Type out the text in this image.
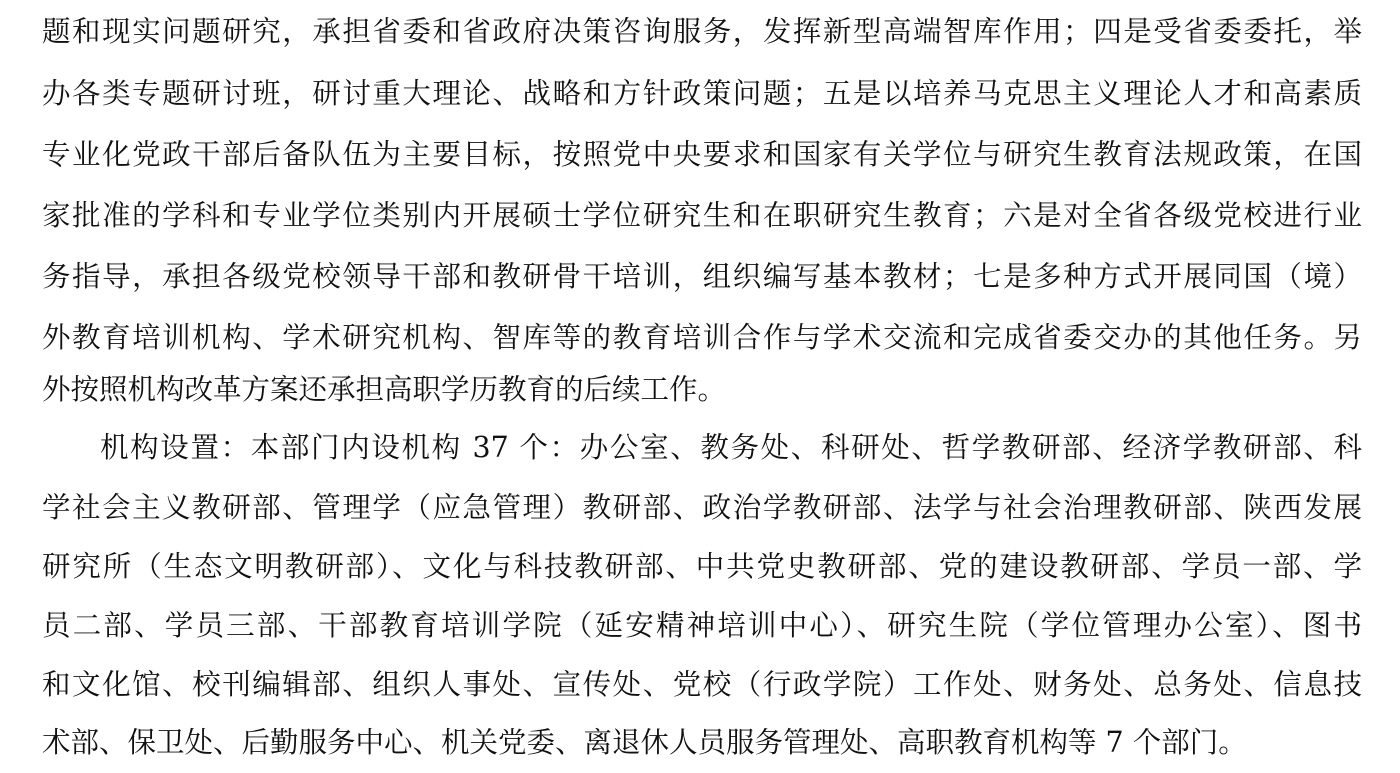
题和现实问题研究，承担省委和省政府决策咨询服务，发挥新型高端智库作用；四是受省委委托，举
办各类专题研讨班，研讨重大理论、战略和方针政策问题；五是以培养马克思主义理论人才和高素质
专业化党政干部后备队伍为主要目标，按照党中央要求和国家有关学位与研究生教育法规政策，在国
家批准的学科和专业学位类别内开展硕士学位研究生和在职研究生教育；六是对全省各级党校进行业
务指导，承担各级党校领导干部和教研骨干培训，组织编写基本教材；七是多种方式开展同国（境）
外教育培训机构、学术研究机构、智库等的教育培训合作与学术交流和完成省委交办的其他任务。另
外按照机构改革方案还承担高职学历教育的后续工作。
机构设置：本部门内设机构 37 个：办公室、教务处、科研处、哲学教研部、经济学教研部、科
学社会主义教研部、管理学（应急管理）教研部、政治学教研部、法学与社会治理教研部、陕西发展
研究所（生态文明教研部）、文化与科技教研部、中共党史教研部、党的建设教研部、学员一部、学
员二部、学员三部、干部教育培训学院（延安精神培训中心）、研究生院（学位管理办公室）、图书
和文化馆、校刊编辑部、组织人事处、宣传处、党校（行政学院）工作处、财务处、总务处、信息技
术部、保卫处、后勤服务中心、机关党委、离退休人员服务管理处、高职教育机构等 7 个部门。
